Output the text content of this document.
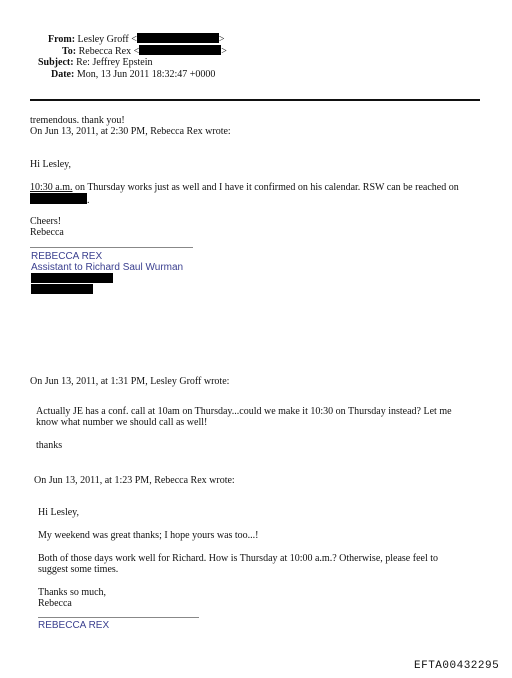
From: Lesley Groff <	>
To: Rebecca Rex <	>
Subject: Re: Jeffrey Epstein
Date: Mon, 13 Jun 2011 18:32:47 +0000
tremendous. thank you!
On Jun 13, 2011, at 2:30 PM, Rebecca Rex wrote:
Hi Lesley,
10:30 a.m. on Thursday works just as well and I have it confirmed on his calendar. RSW can be reached on
.
Cheers!
Rebecca
REBECCA REX
Assistant to Richard Saul Wurman
On Jun 13, 2011, at 1:31 PM, Lesley Groff wrote:
Actually JE has a conf. call at 10am on Thursday...could we make it 10:30 on Thursday instead? Let me
know what number we should call as well!
thanks
On Jun 13, 2011, at 1:23 PM, Rebecca Rex wrote:
Hi Lesley,
My weekend was great thanks; I hope yours was too...!
Both of those days work well for Richard. How is Thursday at 10:00 a.m.? Otherwise, please feel to
suggest some times.
Thanks so much,
Rebecca
REBECCA REX
EFTA00432295
